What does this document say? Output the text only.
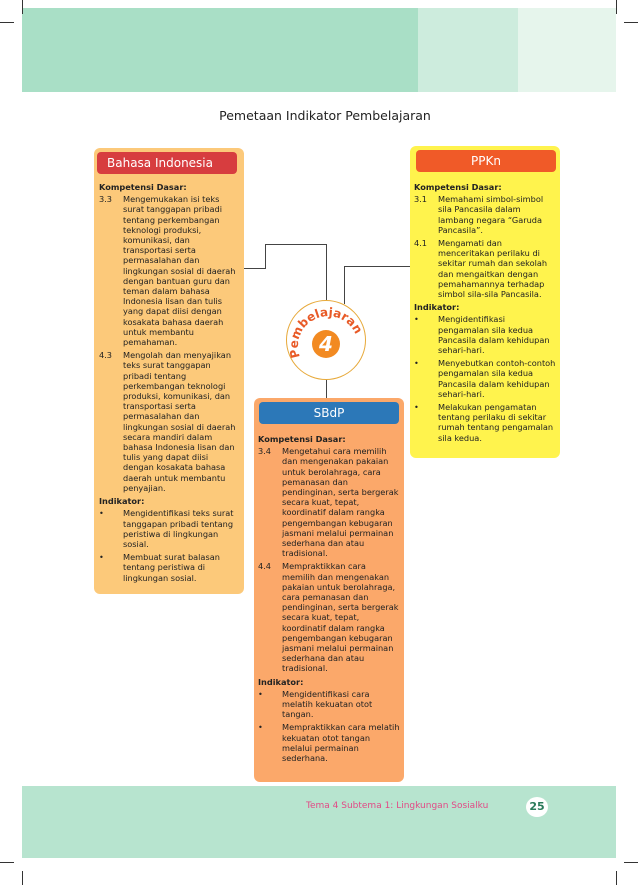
Pemetaan Indikator Pembelajaran
Pembelajaran
4
Bahasa Indonesia
Kompetensi Dasar:
3.3	Mengemukakan isi teks surat tanggapan pribadi tentang perkembangan teknologi produksi, komunikasi, dan transportasi serta permasalahan dan lingkungan sosial di daerah dengan bantuan guru dan teman dalam bahasa Indonesia lisan dan tulis yang dapat diisi dengan kosakata bahasa daerah untuk membantu pemahaman.
4.3	Mengolah dan menyajikan teks surat tanggapan pribadi tentang perkembangan teknologi produksi, komunikasi, dan transportasi serta permasalahan dan lingkungan sosial di daerah secara mandiri dalam bahasa Indonesia lisan dan tulis yang dapat diisi dengan kosakata bahasa daerah untuk membantu penyajian.
Indikator:
•	Mengidentifikasi teks surat tanggapan pribadi tentang peristiwa di lingkungan sosial.
•	Membuat surat balasan tentang peristiwa di lingkungan sosial.
PPKn
Kompetensi Dasar:
3.1	Memahami simbol-simbol sila Pancasila dalam lambang negara “Garuda Pancasila”.
4.1	Mengamati dan menceritakan perilaku di sekitar rumah dan sekolah dan mengaitkan dengan pemahamannya terhadap simbol sila-sila Pancasila.
Indikator:
•	Mengidentifikasi pengamalan sila kedua Pancasila dalam kehidupan sehari-hari.
•	Menyebutkan contoh-contoh pengamalan sila kedua Pancasila dalam kehidupan sehari-hari.
•	Melakukan pengamatan tentang perilaku di sekitar rumah tentang pengamalan sila kedua.
SBdP
Kompetensi Dasar:
3.4	Mengetahui cara memilih dan mengenakan pakaian untuk berolahraga, cara pemanasan dan pendinginan, serta bergerak secara kuat, tepat, koordinatif dalam rangka pengembangan kebugaran jasmani melalui permainan sederhana dan atau tradisional.
4.4	Mempraktikkan cara memilih dan mengenakan pakaian untuk berolahraga, cara pemanasan dan pendinginan, serta bergerak secara kuat, tepat, koordinatif dalam rangka pengembangan kebugaran jasmani melalui permainan sederhana dan atau tradisional.
Indikator:
•	Mengidentifikasi cara melatih kekuatan otot tangan.
•	Mempraktikkan cara melatih kekuatan otot tangan melalui permainan sederhana.
Tema 4 Subtema 1: Lingkungan Sosialku	25
